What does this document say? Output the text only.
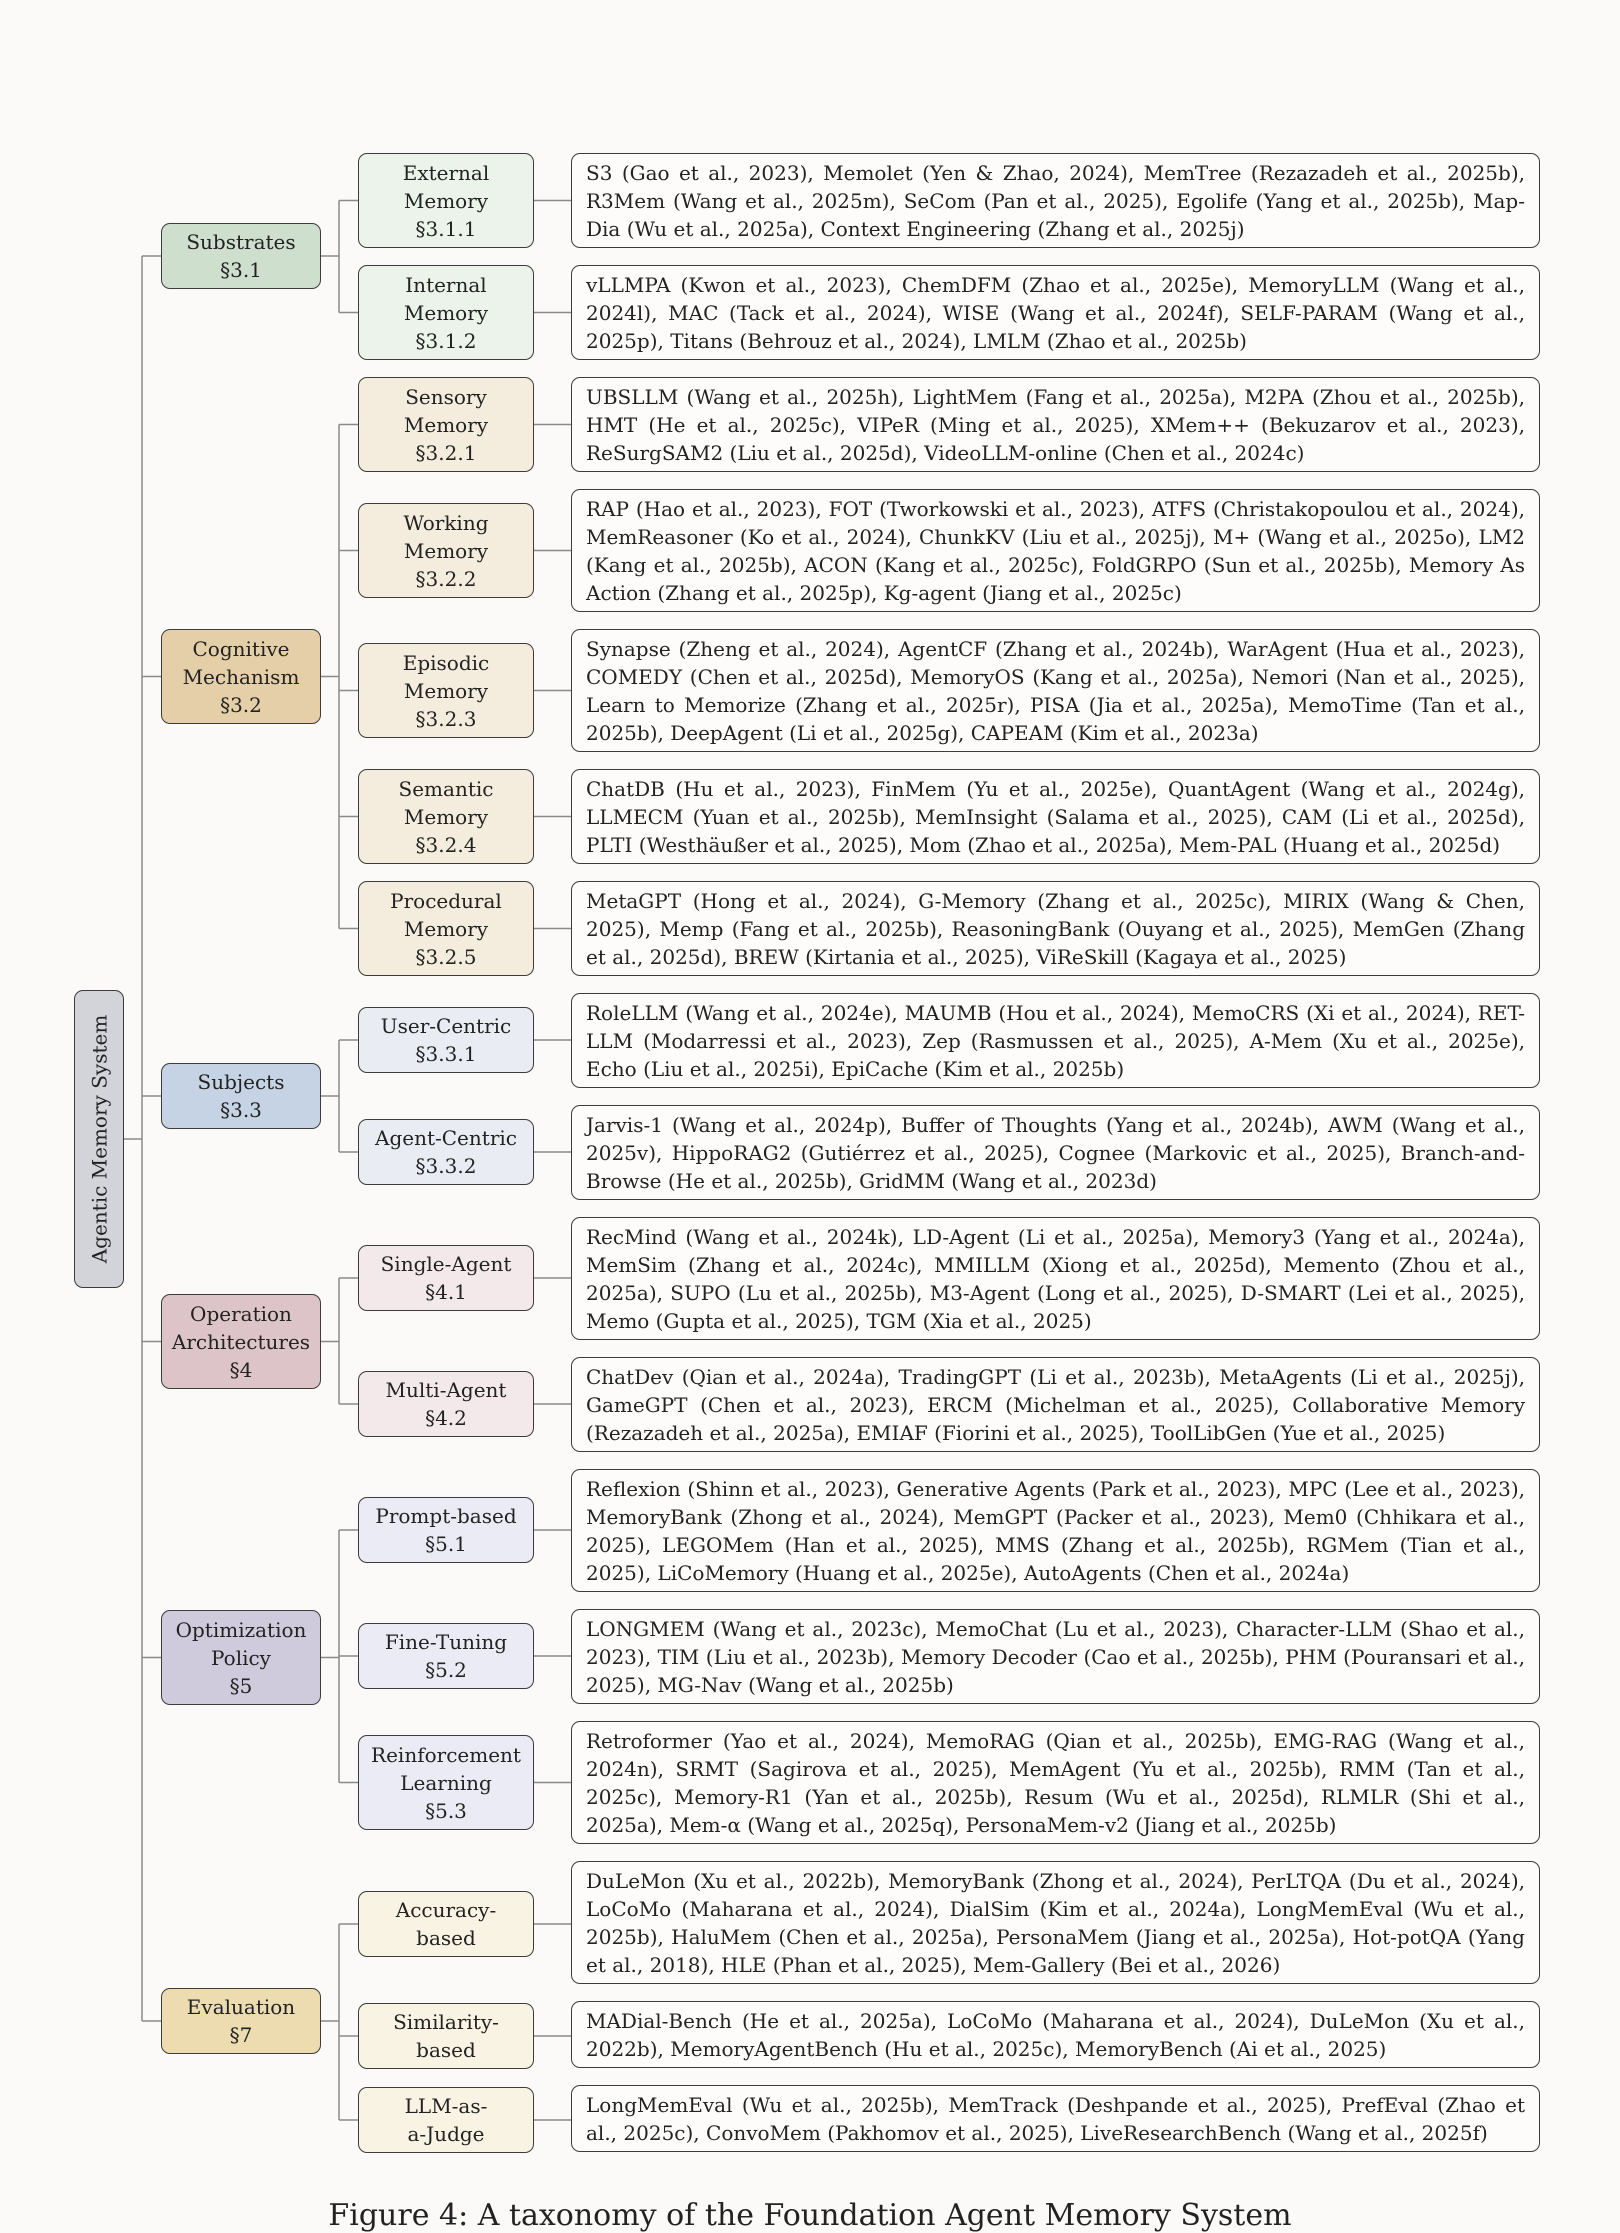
Agentic Memory System
Substrates
§3.1
Cognitive
Mechanism
§3.2
Subjects
§3.3
Operation
Architectures
§4
Optimization
Policy
§5
Evaluation
§7
External
Memory
§3.1.1
Internal
Memory
§3.1.2
Sensory
Memory
§3.2.1
Working
Memory
§3.2.2
Episodic
Memory
§3.2.3
Semantic
Memory
§3.2.4
Procedural
Memory
§3.2.5
User-Centric
§3.3.1
Agent-Centric
§3.3.2
Single-Agent
§4.1
Multi-Agent
§4.2
Prompt-based
§5.1
Fine-Tuning
§5.2
Reinforcement
Learning
§5.3
Accuracy-
based
Similarity-
based
LLM-as-
a-Judge
S3 (Gao et al., 2023), Memolet (Yen & Zhao, 2024), MemTree (Rezazadeh et al., 2025b), R3Mem (Wang et al., 2025m), SeCom (Pan et al., 2025), Egolife (Yang et al., 2025b), Map-Dia (Wu et al., 2025a), Context Engineering (Zhang et al., 2025j)
vLLMPA (Kwon et al., 2023), ChemDFM (Zhao et al., 2025e), MemoryLLM (Wang et al., 2024l), MAC (Tack et al., 2024), WISE (Wang et al., 2024f), SELF-PARAM (Wang et al., 2025p), Titans (Behrouz et al., 2024), LMLM (Zhao et al., 2025b)
UBSLLM (Wang et al., 2025h), LightMem (Fang et al., 2025a), M2PA (Zhou et al., 2025b), HMT (He et al., 2025c), VIPeR (Ming et al., 2025), XMem++ (Bekuzarov et al., 2023), ReSurgSAM2 (Liu et al., 2025d), VideoLLM-online (Chen et al., 2024c)
RAP (Hao et al., 2023), FOT (Tworkowski et al., 2023), ATFS (Christakopoulou et al., 2024), MemReasoner (Ko et al., 2024), ChunkKV (Liu et al., 2025j), M+ (Wang et al., 2025o), LM2 (Kang et al., 2025b), ACON (Kang et al., 2025c), FoldGRPO (Sun et al., 2025b), Memory As Action (Zhang et al., 2025p), Kg-agent (Jiang et al., 2025c)
Synapse (Zheng et al., 2024), AgentCF (Zhang et al., 2024b), WarAgent (Hua et al., 2023), COMEDY (Chen et al., 2025d), MemoryOS (Kang et al., 2025a), Nemori (Nan et al., 2025), Learn to Memorize (Zhang et al., 2025r), PISA (Jia et al., 2025a), MemoTime (Tan et al., 2025b), DeepAgent (Li et al., 2025g), CAPEAM (Kim et al., 2023a)
ChatDB (Hu et al., 2023), FinMem (Yu et al., 2025e), QuantAgent (Wang et al., 2024g), LLMECM (Yuan et al., 2025b), MemInsight (Salama et al., 2025), CAM (Li et al., 2025d), PLTI (Westhäußer et al., 2025), Mom (Zhao et al., 2025a), Mem-PAL (Huang et al., 2025d)
MetaGPT (Hong et al., 2024), G-Memory (Zhang et al., 2025c), MIRIX (Wang & Chen, 2025), Memp (Fang et al., 2025b), ReasoningBank (Ouyang et al., 2025), MemGen (Zhang et al., 2025d), BREW (Kirtania et al., 2025), ViReSkill (Kagaya et al., 2025)
RoleLLM (Wang et al., 2024e), MAUMB (Hou et al., 2024), MemoCRS (Xi et al., 2024), RET-LLM (Modarressi et al., 2023), Zep (Rasmussen et al., 2025), A-Mem (Xu et al., 2025e), Echo (Liu et al., 2025i), EpiCache (Kim et al., 2025b)
Jarvis-1 (Wang et al., 2024p), Buffer of Thoughts (Yang et al., 2024b), AWM (Wang et al., 2025v), HippoRAG2 (Gutiérrez et al., 2025), Cognee (Markovic et al., 2025), Branch-and-Browse (He et al., 2025b), GridMM (Wang et al., 2023d)
RecMind (Wang et al., 2024k), LD-Agent (Li et al., 2025a), Memory3 (Yang et al., 2024a), MemSim (Zhang et al., 2024c), MMILLM (Xiong et al., 2025d), Memento (Zhou et al., 2025a), SUPO (Lu et al., 2025b), M3-Agent (Long et al., 2025), D-SMART (Lei et al., 2025), Memo (Gupta et al., 2025), TGM (Xia et al., 2025)
ChatDev (Qian et al., 2024a), TradingGPT (Li et al., 2023b), MetaAgents (Li et al., 2025j), GameGPT (Chen et al., 2023), ERCM (Michelman et al., 2025), Collaborative Memory (Rezazadeh et al., 2025a), EMIAF (Fiorini et al., 2025), ToolLibGen (Yue et al., 2025)
Reflexion (Shinn et al., 2023), Generative Agents (Park et al., 2023), MPC (Lee et al., 2023), MemoryBank (Zhong et al., 2024), MemGPT (Packer et al., 2023), Mem0 (Chhikara et al., 2025), LEGOMem (Han et al., 2025), MMS (Zhang et al., 2025b), RGMem (Tian et al., 2025), LiCoMemory (Huang et al., 2025e), AutoAgents (Chen et al., 2024a)
LONGMEM (Wang et al., 2023c), MemoChat (Lu et al., 2023), Character-LLM (Shao et al., 2023), TIM (Liu et al., 2023b), Memory Decoder (Cao et al., 2025b), PHM (Pouransari et al., 2025), MG-Nav (Wang et al., 2025b)
Retroformer (Yao et al., 2024), MemoRAG (Qian et al., 2025b), EMG-RAG (Wang et al., 2024n), SRMT (Sagirova et al., 2025), MemAgent (Yu et al., 2025b), RMM (Tan et al., 2025c), Memory-R1 (Yan et al., 2025b), Resum (Wu et al., 2025d), RLMLR (Shi et al., 2025a), Mem-α (Wang et al., 2025q), PersonaMem-v2 (Jiang et al., 2025b)
DuLeMon (Xu et al., 2022b), MemoryBank (Zhong et al., 2024), PerLTQA (Du et al., 2024), LoCoMo (Maharana et al., 2024), DialSim (Kim et al., 2024a), LongMemEval (Wu et al., 2025b), HaluMem (Chen et al., 2025a), PersonaMem (Jiang et al., 2025a), Hot-potQA (Yang et al., 2018), HLE (Phan et al., 2025), Mem-Gallery (Bei et al., 2026)
MADial-Bench (He et al., 2025a), LoCoMo (Maharana et al., 2024), DuLeMon (Xu et al., 2022b), MemoryAgentBench (Hu et al., 2025c), MemoryBench (Ai et al., 2025)
LongMemEval (Wu et al., 2025b), MemTrack (Deshpande et al., 2025), PrefEval (Zhao et al., 2025c), ConvoMem (Pakhomov et al., 2025), LiveResearchBench (Wang et al., 2025f)
Figure 4: A taxonomy of the Foundation Agent Memory System
